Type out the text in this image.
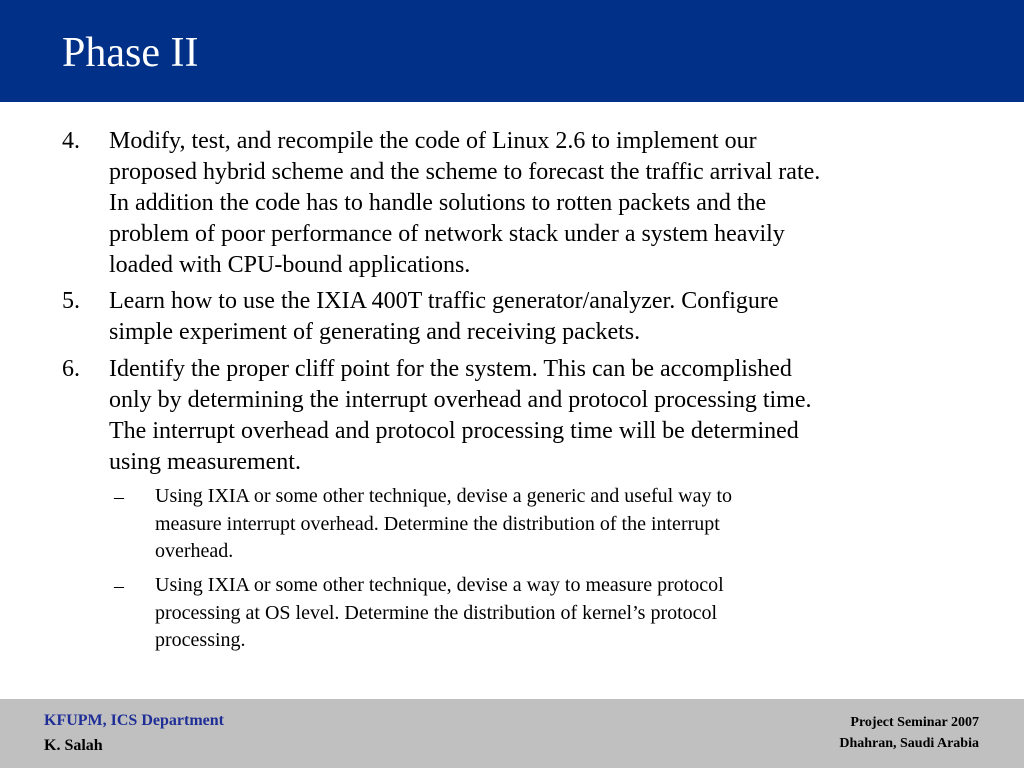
Phase II
4. Modify, test, and recompile the code of Linux 2.6 to implement our
proposed hybrid scheme and the scheme to forecast the traffic arrival rate.
In addition the code has to handle solutions to rotten packets and the
problem of poor performance of network stack under a system heavily
loaded with CPU-bound applications.
5. Learn how to use the IXIA 400T traffic generator/analyzer. Configure
simple experiment of generating and receiving packets.
6. Identify the proper cliff point for the system. This can be accomplished
only by determining the interrupt overhead and protocol processing time.
The interrupt overhead and protocol processing time will be determined
using measurement.
– Using IXIA or some other technique, devise a generic and useful way to
measure interrupt overhead. Determine the distribution of the interrupt
overhead.
– Using IXIA or some other technique, devise a way to measure protocol
processing at OS level. Determine the distribution of kernel’s protocol
processing.
KFUPM, ICS Department
K. Salah
Project Seminar 2007
Dhahran, Saudi Arabia
